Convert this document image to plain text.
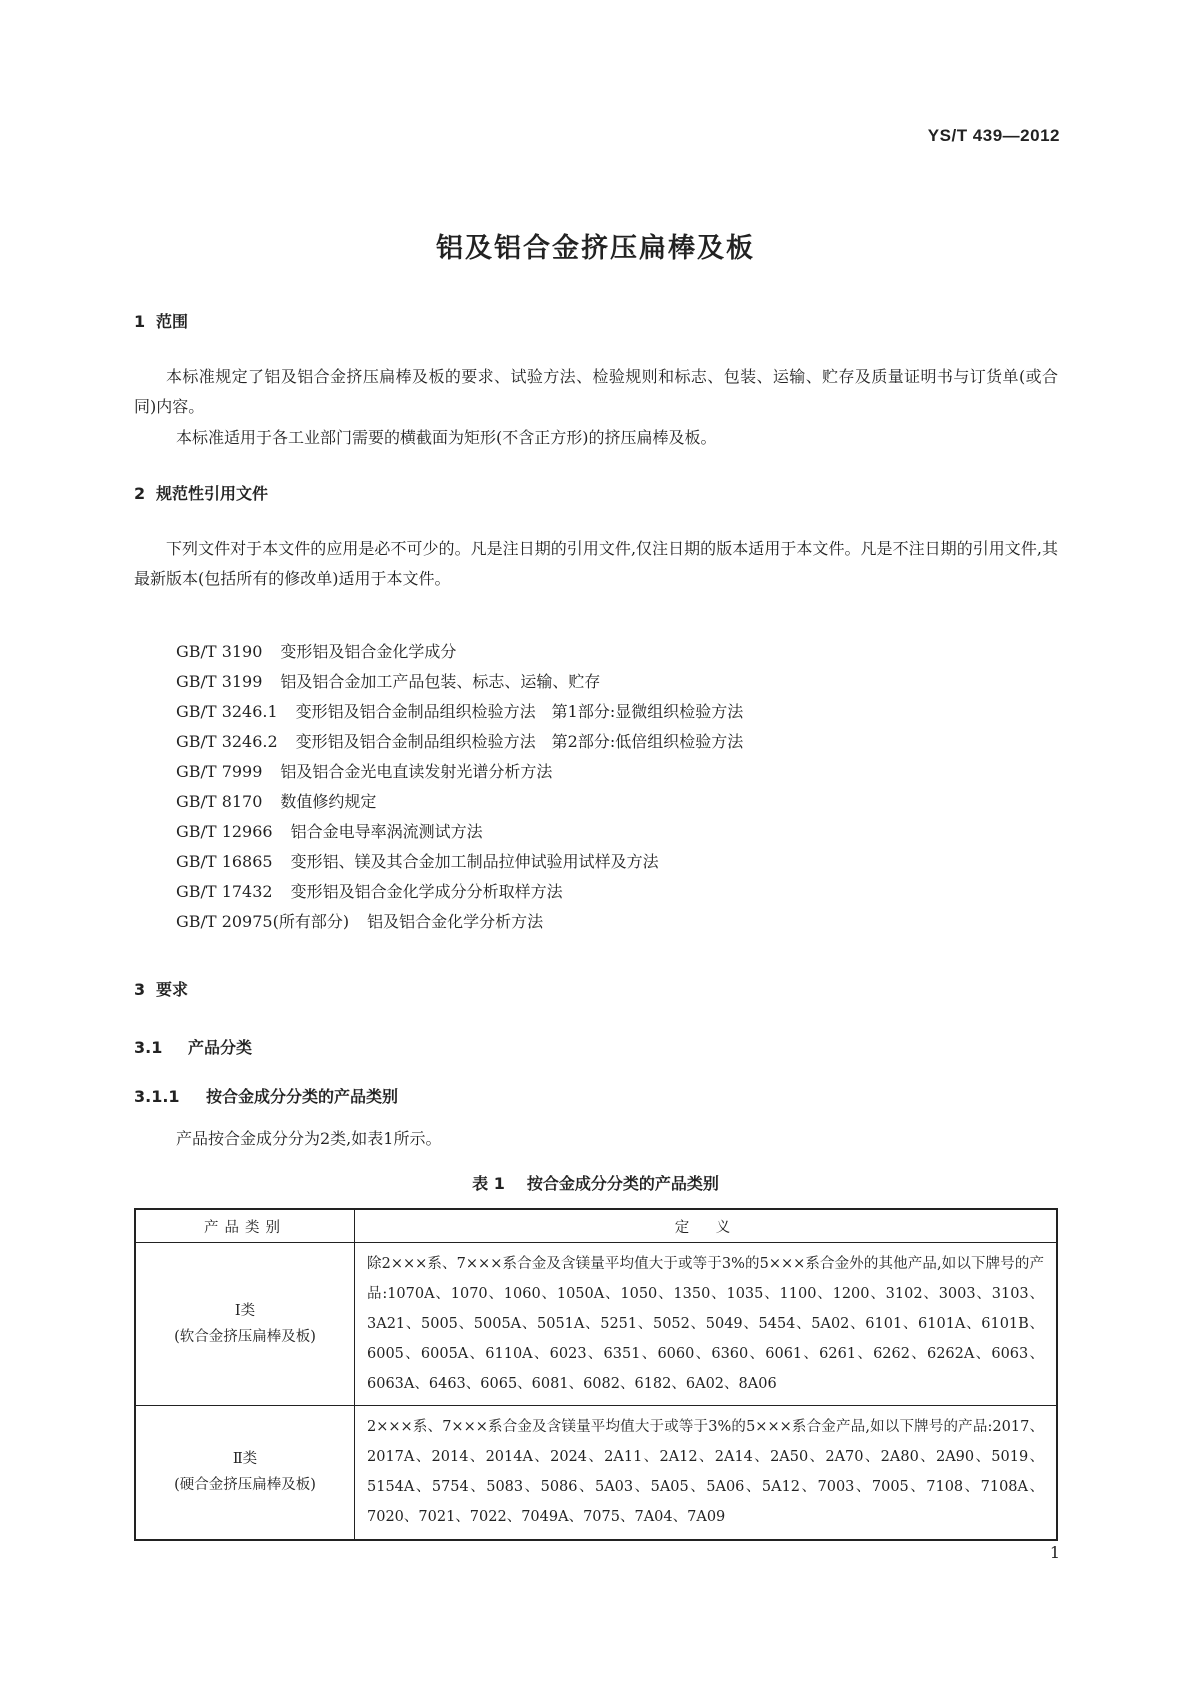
YS/T 439—2012
铝及铝合金挤压扁棒及板
1 范围
本标准规定了铝及铝合金挤压扁棒及板的要求、试验方法、检验规则和标志、包装、运输、贮存及质量证明书与订货单(或合同)内容。
本标准适用于各工业部门需要的横截面为矩形(不含正方形)的挤压扁棒及板。
2 规范性引用文件
下列文件对于本文件的应用是必不可少的。凡是注日期的引用文件,仅注日期的版本适用于本文件。凡是不注日期的引用文件,其最新版本(包括所有的修改单)适用于本文件。
GB/T 3190 变形铝及铝合金化学成分
GB/T 3199 铝及铝合金加工产品包装、标志、运输、贮存
GB/T 3246.1 变形铝及铝合金制品组织检验方法　第1部分:显微组织检验方法
GB/T 3246.2 变形铝及铝合金制品组织检验方法　第2部分:低倍组织检验方法
GB/T 7999 铝及铝合金光电直读发射光谱分析方法
GB/T 8170 数值修约规定
GB/T 12966 铝合金电导率涡流测试方法
GB/T 16865 变形铝、镁及其合金加工制品拉伸试验用试样及方法
GB/T 17432 变形铝及铝合金化学成分分析取样方法
GB/T 20975(所有部分) 铝及铝合金化学分析方法
3 要求
3.1 产品分类
3.1.1 按合金成分分类的产品类别
产品按合金成分分为2类,如表1所示。
表 1 按合金成分分类的产品类别
产品类别	定　义

Ⅰ类
(软合金挤压扁棒及板)	除2×××系、7×××系合金及含镁量平均值大于或等于3%的5×××系合金外的其他产品,如以下牌号的产品:1070A、1070、1060、1050A、1050、1350、1035、1100、1200、3102、3003、3103、3A21、5005、5005A、5051A、5251、5052、5049、5454、5A02、6101、6101A、6101B、6005、6005A、6110A、6023、6351、6060、6360、6061、6261、6262、6262A、6063、6063A、6463、6065、6081、6082、6182、6A02、8A06

Ⅱ类
(硬合金挤压扁棒及板)	2×××系、7×××系合金及含镁量平均值大于或等于3%的5×××系合金产品,如以下牌号的产品:2017、2017A、2014、2014A、2024、2A11、2A12、2A14、2A50、2A70、2A80、2A90、5019、5154A、5754、5083、5086、5A03、5A05、5A06、5A12、7003、7005、7108、7108A、7020、7021、7022、7049A、7075、7A04、7A09
1
